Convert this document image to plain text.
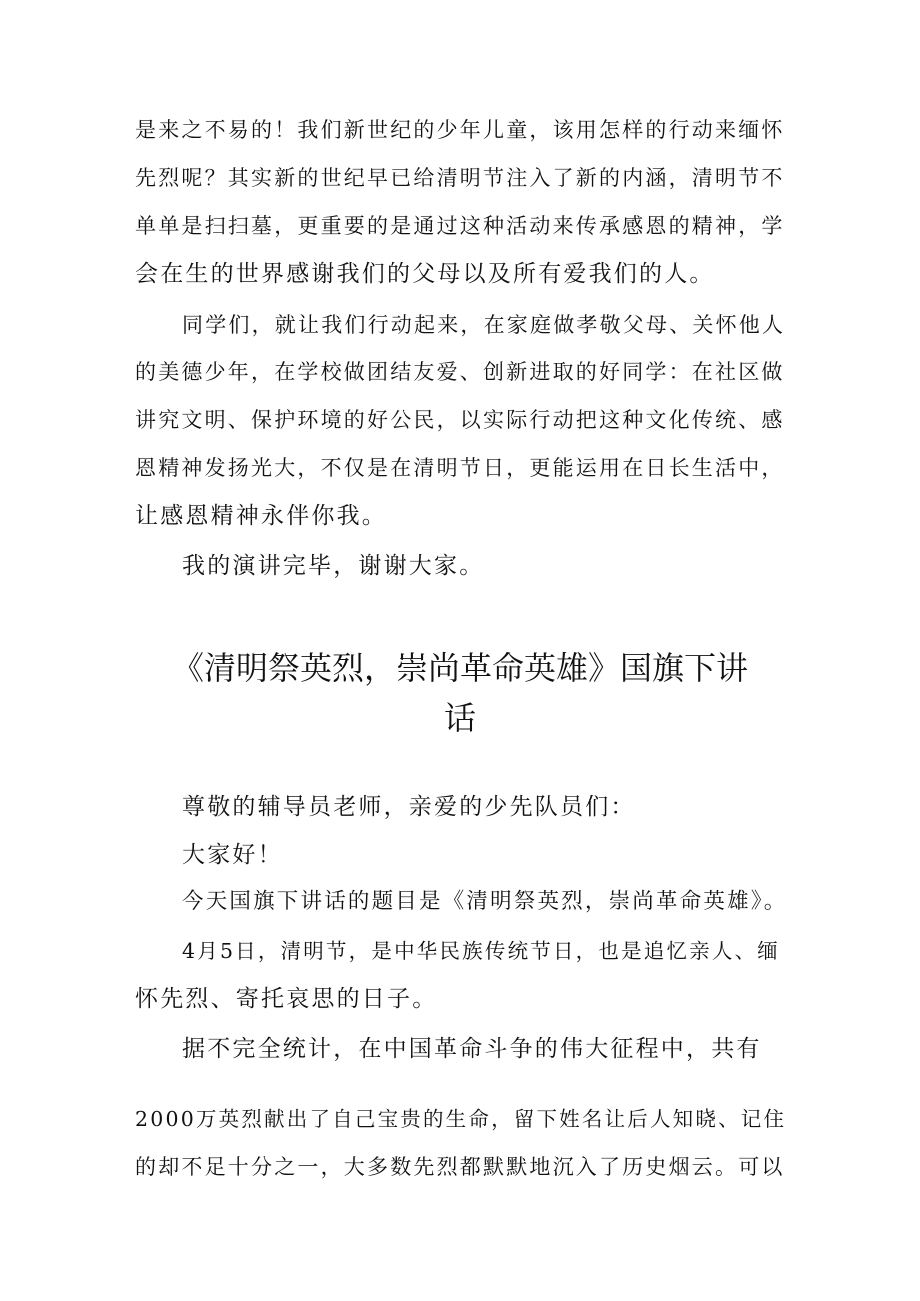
是来之不易的！我们新世纪的少年儿童，该用怎样的行动来缅怀
先烈呢？其实新的世纪早已给清明节注入了新的内涵，清明节不
单单是扫扫墓，更重要的是通过这种活动来传承感恩的精神，学
会在生的世界感谢我们的父母以及所有爱我们的人。
同学们，就让我们行动起来，在家庭做孝敬父母、关怀他人
的美德少年，在学校做团结友爱、创新进取的好同学：在社区做
讲究文明、保护环境的好公民，以实际行动把这种文化传统、感
恩精神发扬光大，不仅是在清明节日，更能运用在日长生活中，
让感恩精神永伴你我。
我的演讲完毕，谢谢大家。
《清明祭英烈，崇尚革命英雄》国旗下讲
话
尊敬的辅导员老师，亲爱的少先队员们：
大家好！
今天国旗下讲话的题目是《清明祭英烈，崇尚革命英雄》。
4月5日，清明节，是中华民族传统节日，也是追忆亲人、缅
怀先烈、寄托哀思的日子。
据不完全统计，在中国革命斗争的伟大征程中，共有
2000万英烈献出了自己宝贵的生命，留下姓名让后人知晓、记住
的却不足十分之一，大多数先烈都默默地沉入了历史烟云。可以
